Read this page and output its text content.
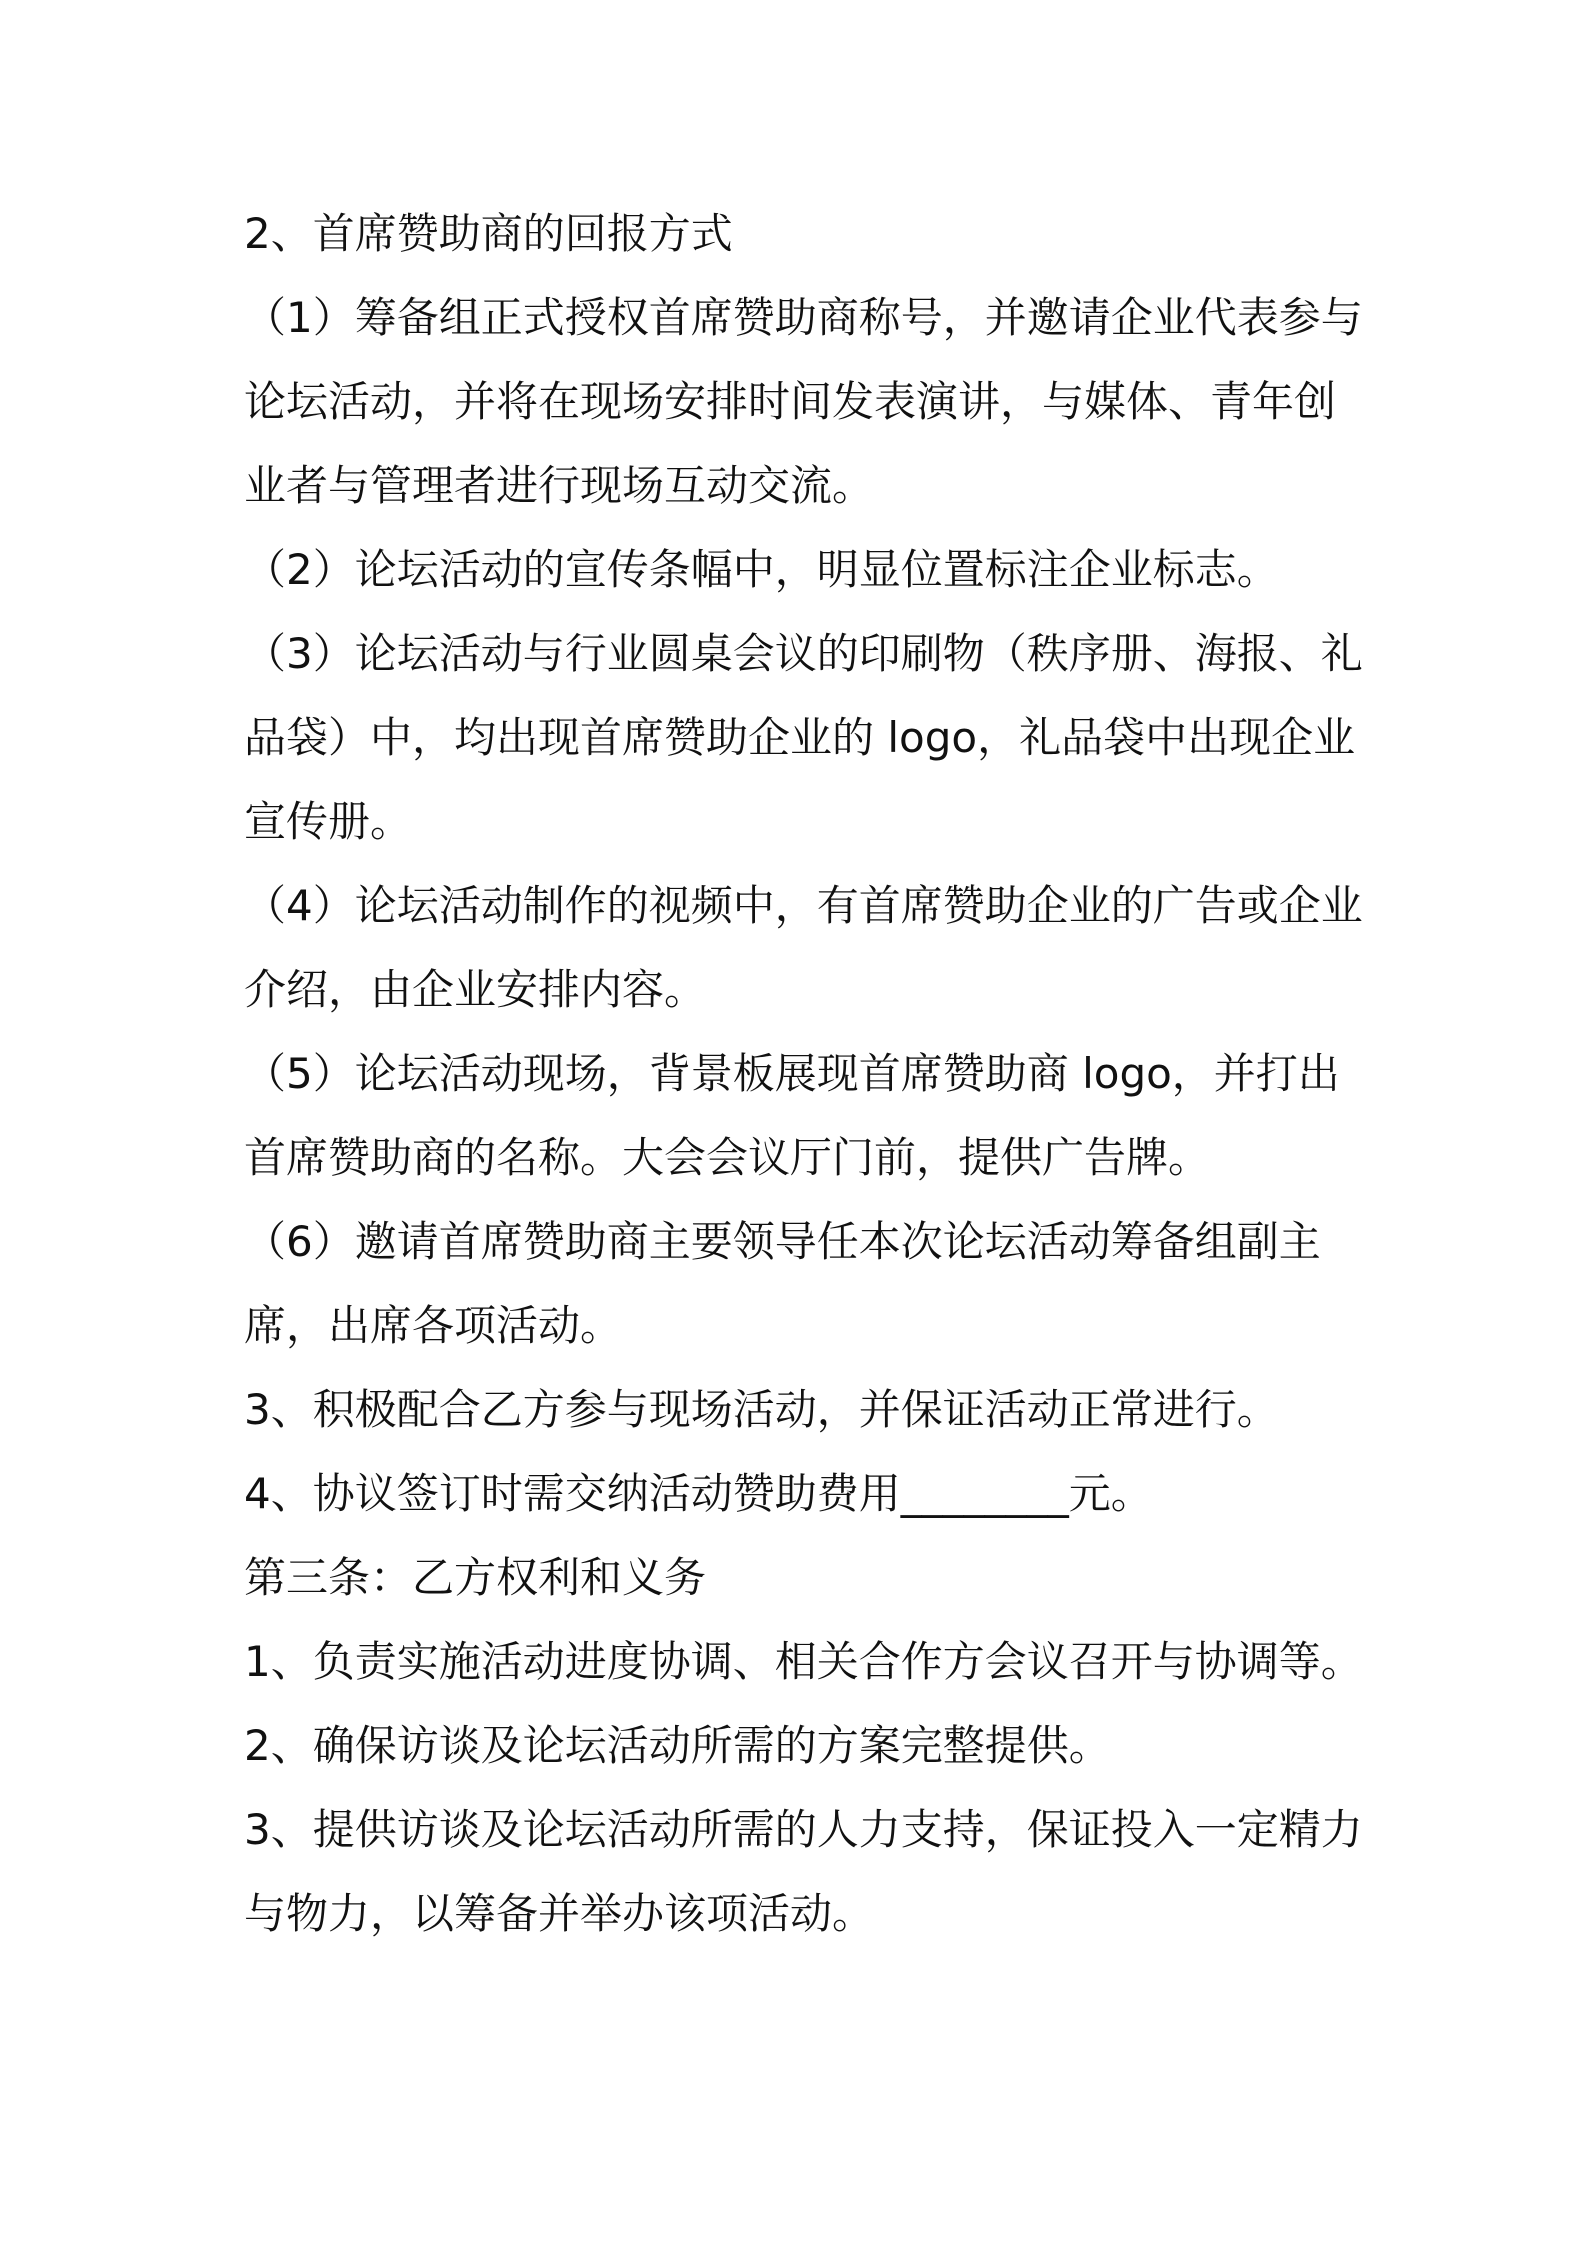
2、首席赞助商的回报方式

（1）筹备组正式授权首席赞助商称号，并邀请企业代表参与论坛活动，并将在现场安排时间发表演讲，与媒体、青年创业者与管理者进行现场互动交流。

（2）论坛活动的宣传条幅中，明显位置标注企业标志。

（3）论坛活动与行业圆桌会议的印刷物（秩序册、海报、礼品袋）中，均出现首席赞助企业的 logo，礼品袋中出现企业宣传册。

（4）论坛活动制作的视频中，有首席赞助企业的广告或企业介绍，由企业安排内容。

（5）论坛活动现场，背景板展现首席赞助商 logo，并打出首席赞助商的名称。大会会议厅门前，提供广告牌。

（6）邀请首席赞助商主要领导任本次论坛活动筹备组副主席，出席各项活动。

3、积极配合乙方参与现场活动，并保证活动正常进行。

4、协议签订时需交纳活动赞助费用________元。

第三条：乙方权利和义务

1、负责实施活动进度协调、相关合作方会议召开与协调等。

2、确保访谈及论坛活动所需的方案完整提供。

3、提供访谈及论坛活动所需的人力支持，保证投入一定精力与物力，以筹备并举办该项活动。
